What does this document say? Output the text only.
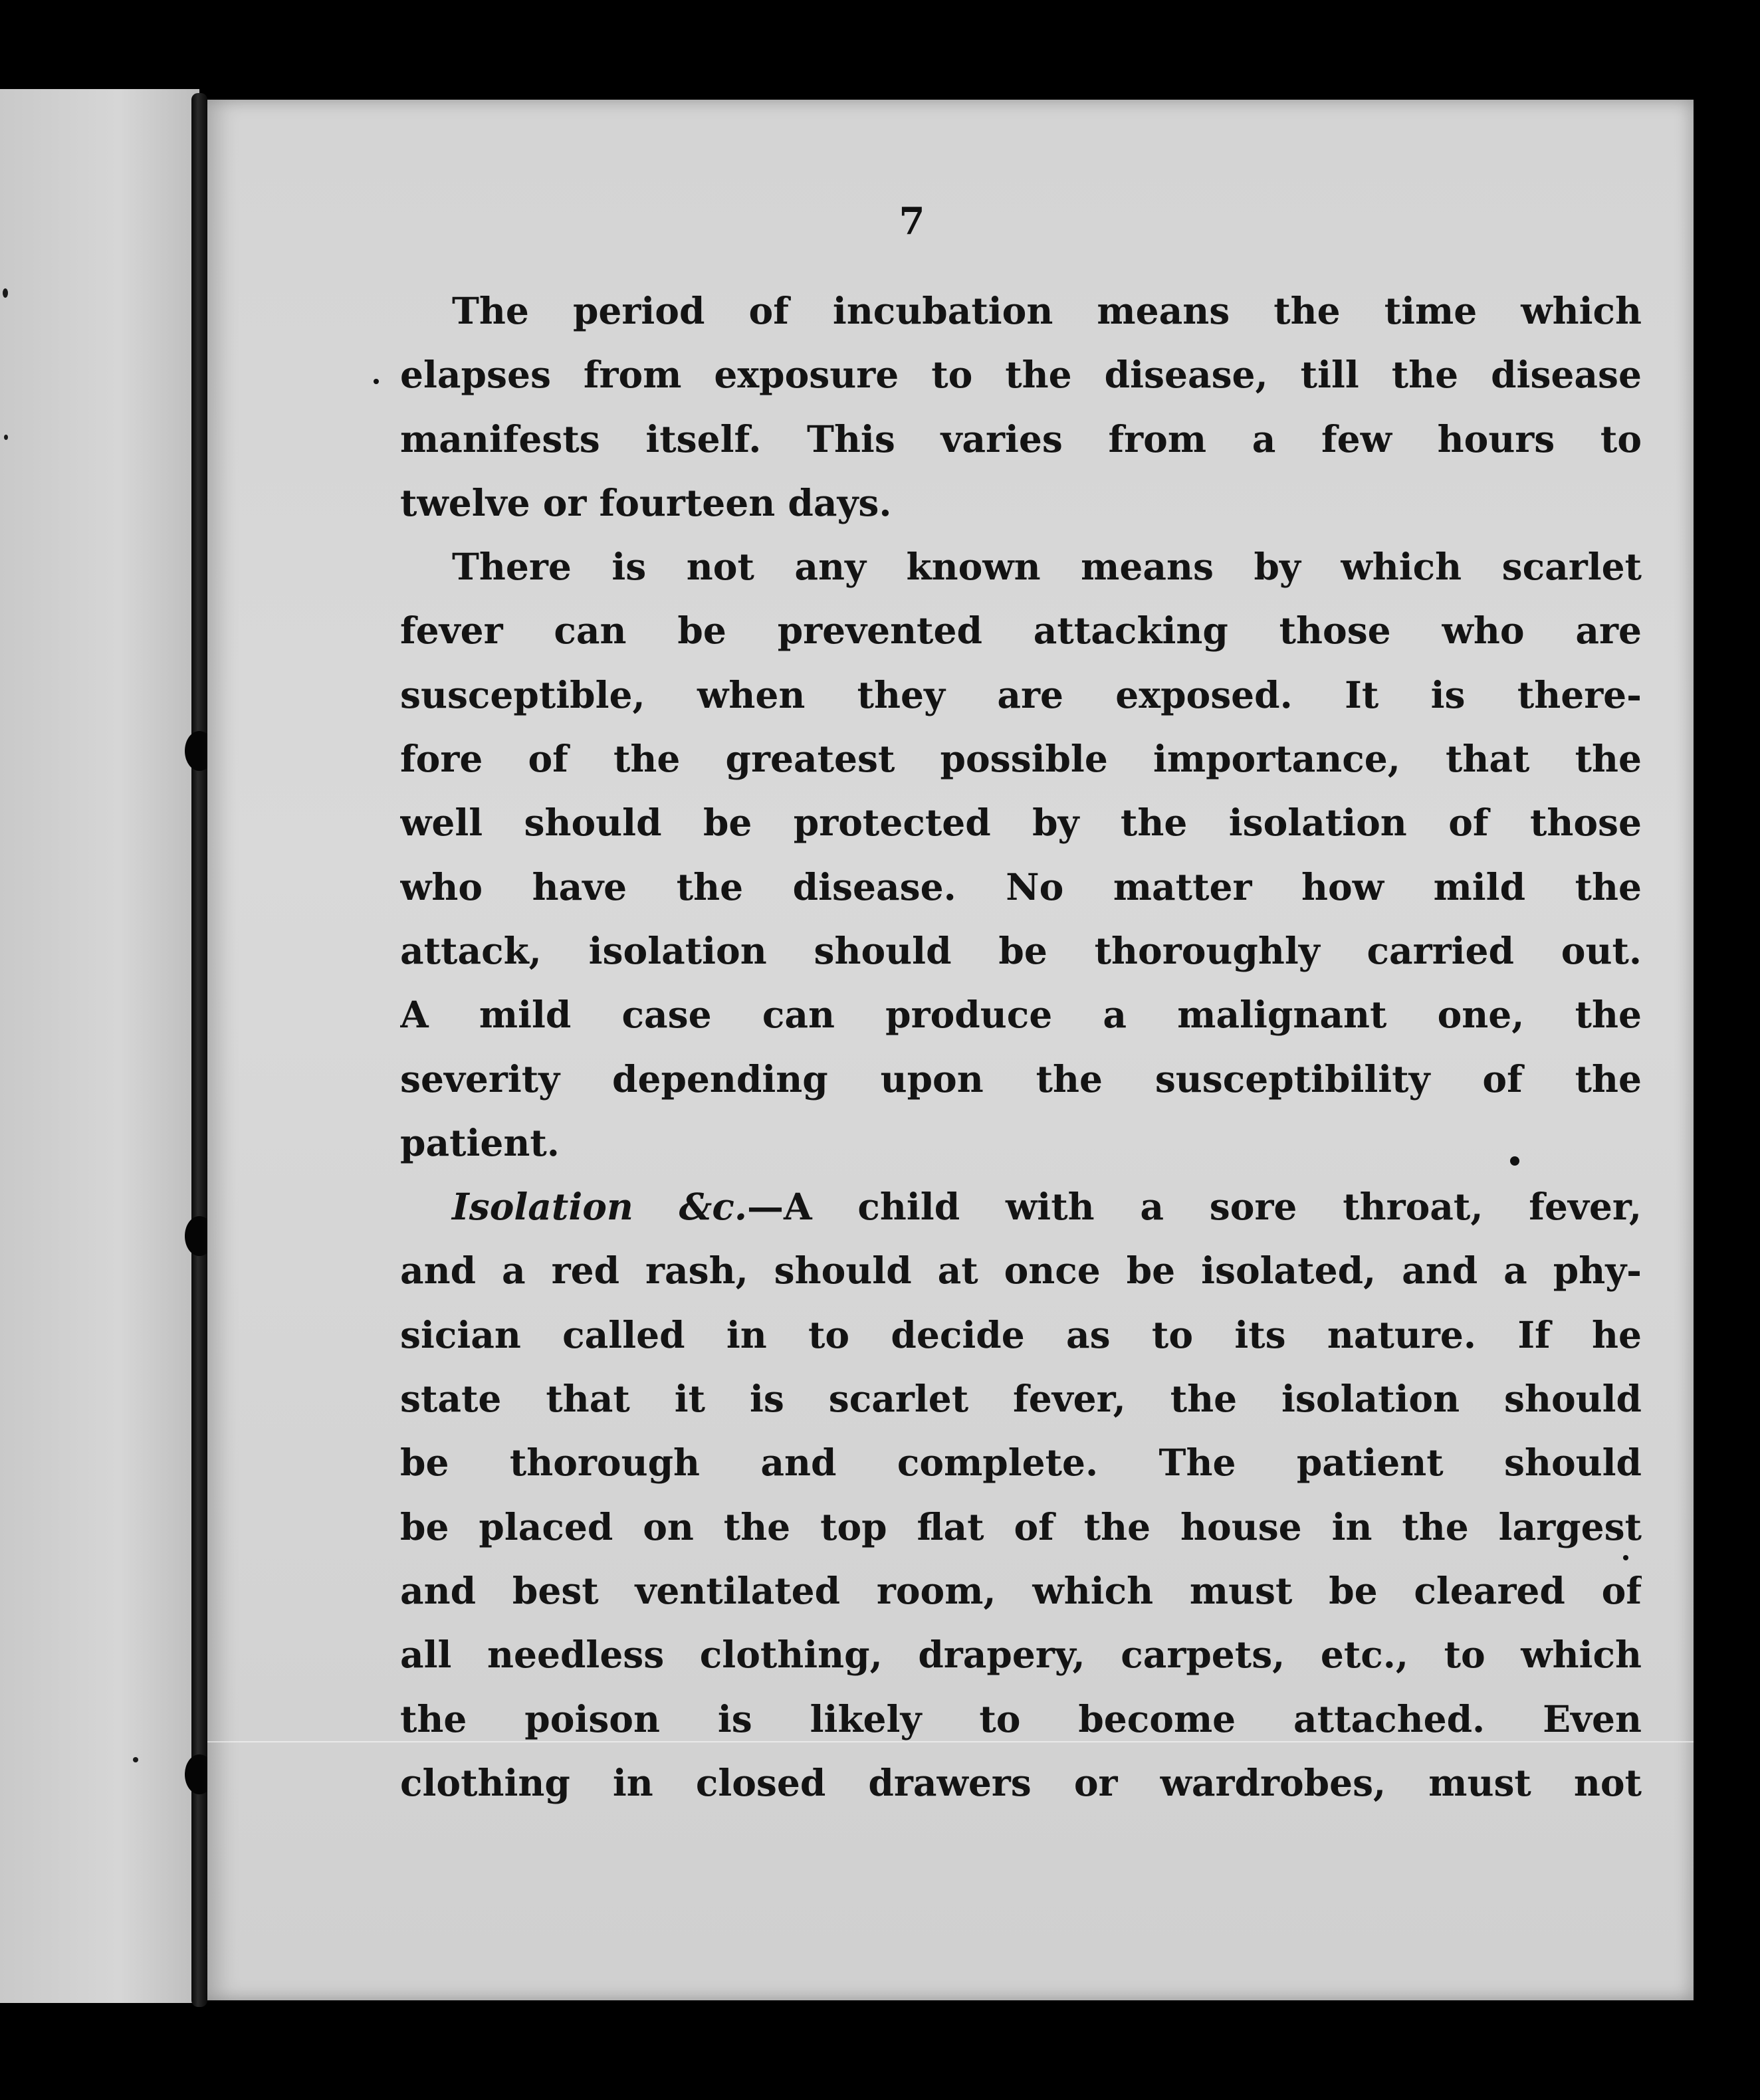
7
The period of incubation means the time which
elapses from exposure to the disease, till the disease
manifests itself. This varies from a few hours to
twelve or fourteen days.
There is not any known means by which scarlet
fever can be prevented attacking those who are
susceptible, when they are exposed. It is there-
fore of the greatest possible importance, that the
well should be protected by the isolation of those
who have the disease. No matter how mild the
attack, isolation should be thoroughly carried out.
A mild case can produce a malignant one, the
severity depending upon the susceptibility of the
patient.
Isolation &c.—A child with a sore throat, fever,
and a red rash, should at once be isolated, and a phy-
sician called in to decide as to its nature. If he
state that it is scarlet fever, the isolation should
be thorough and complete. The patient should
be placed on the top flat of the house in the largest
and best ventilated room, which must be cleared of
all needless clothing, drapery, carpets, etc., to which
the poison is likely to become attached. Even
clothing in closed drawers or wardrobes, must not
